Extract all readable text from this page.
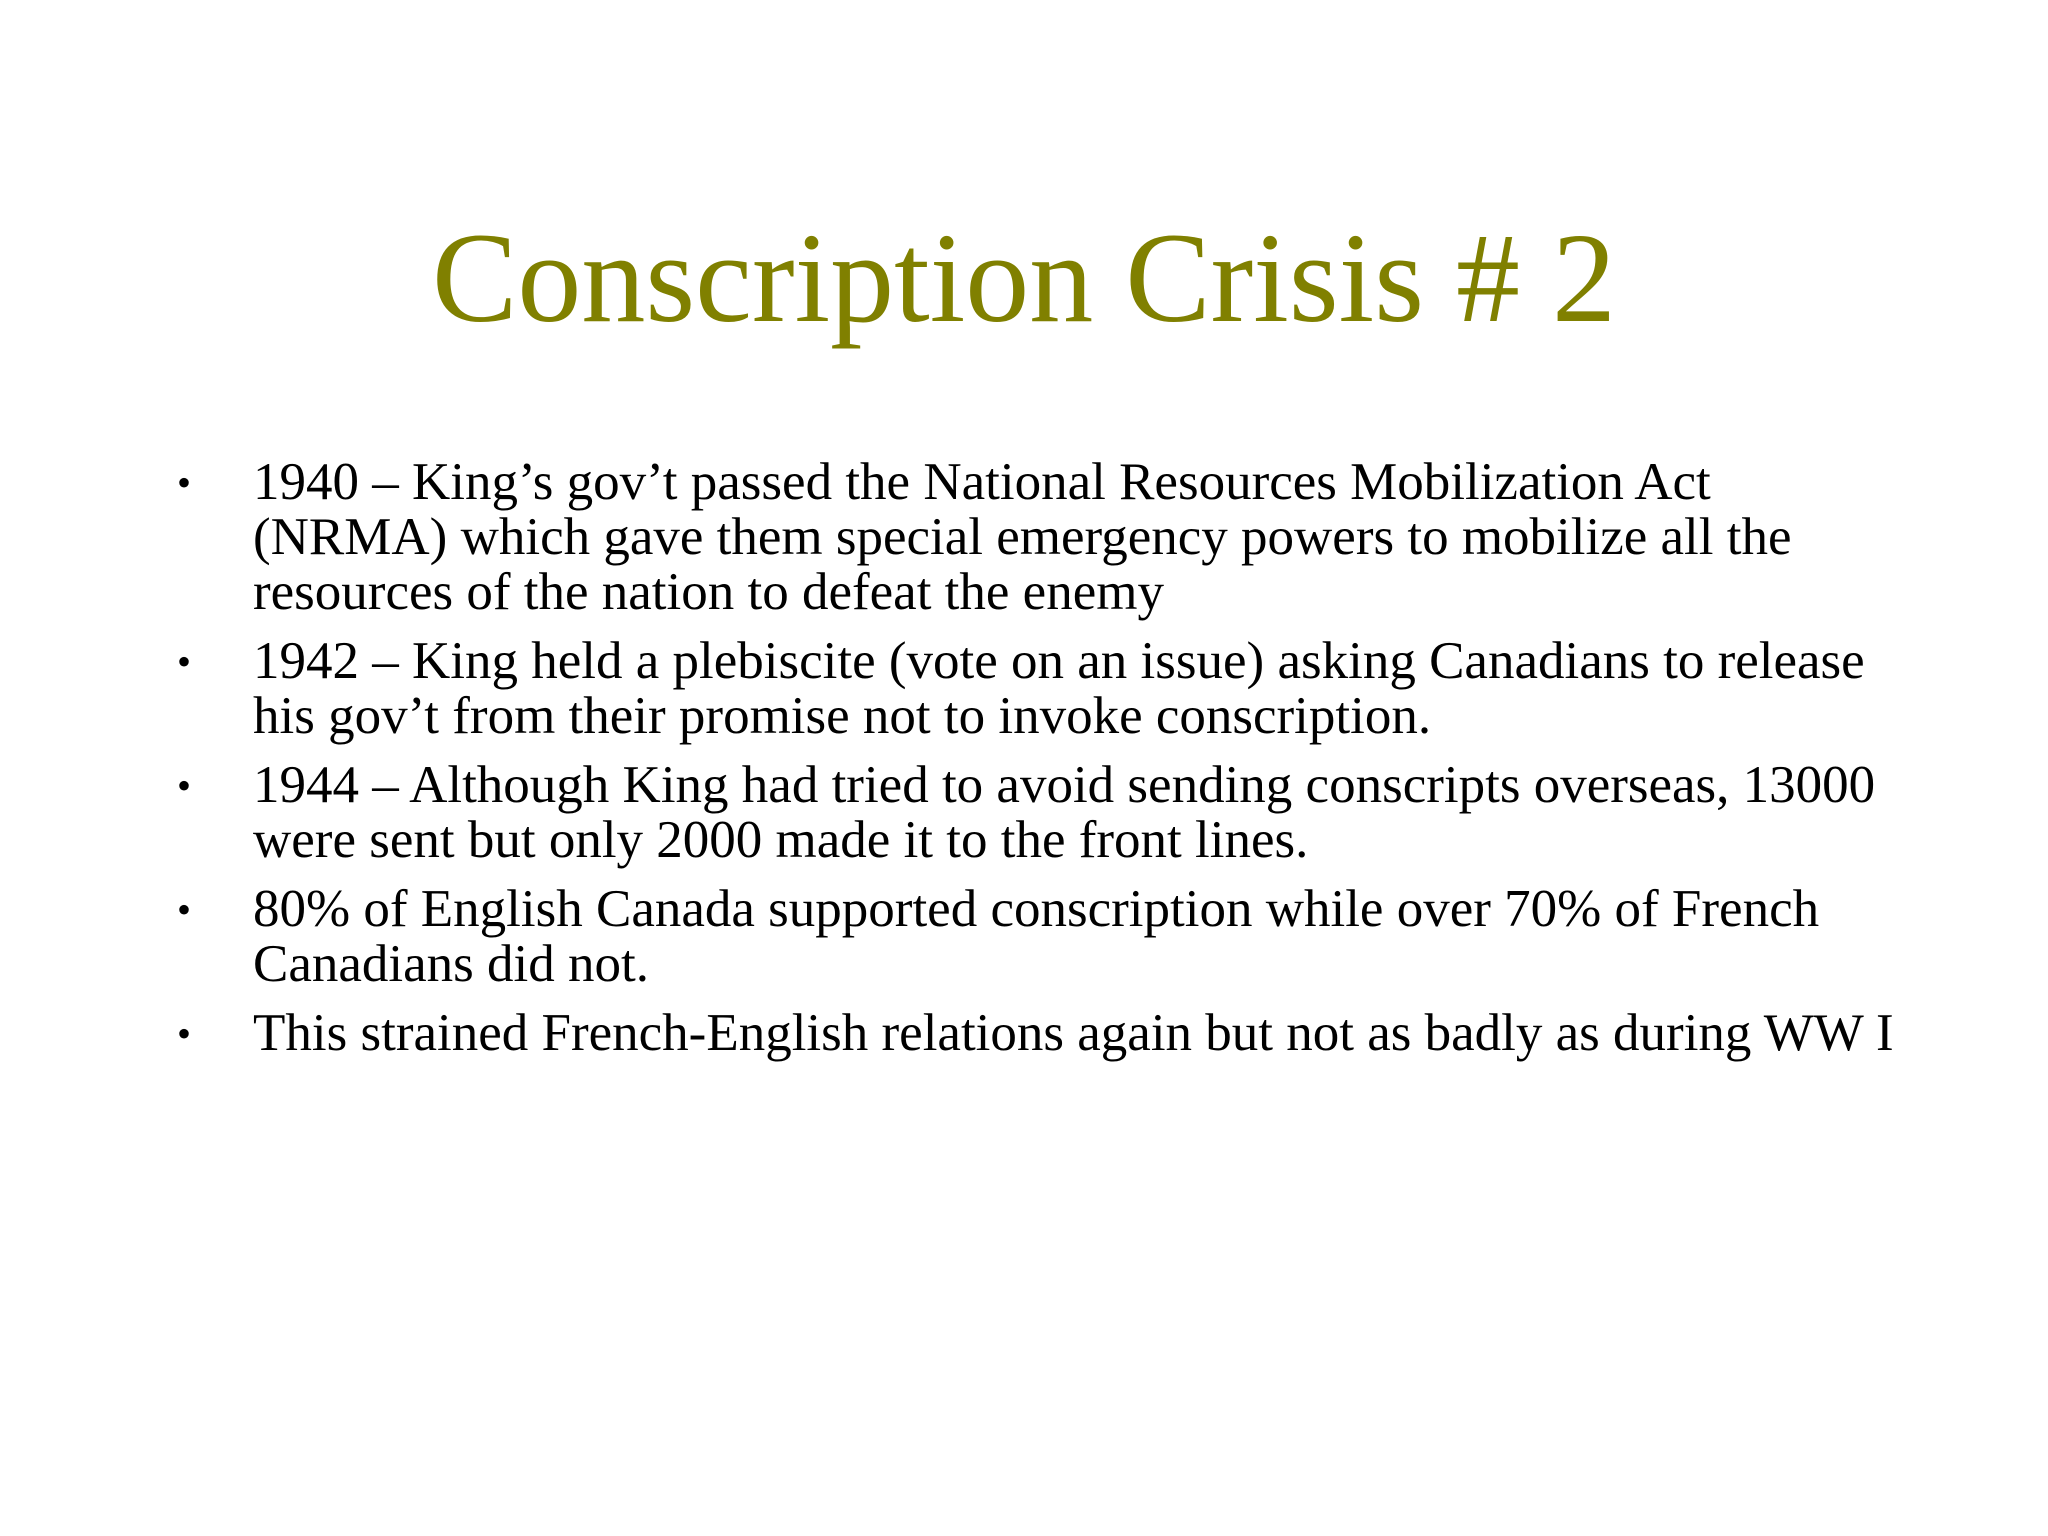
Conscription Crisis # 2
•	1940 – King’s gov’t passed the National Resources Mobilization Act (NRMA) which gave them special emergency powers to mobilize all the resources of the nation to defeat the enemy
•	1942 – King held a plebiscite (vote on an issue) asking Canadians to release his gov’t from their promise not to invoke conscription.
•	1944 – Although King had tried to avoid sending conscripts overseas, 13000 were sent but only 2000 made it to the front lines.
•	80% of English Canada supported conscription while over 70% of French Canadians did not.
•	This strained French-English relations again but not as badly as during WW I
